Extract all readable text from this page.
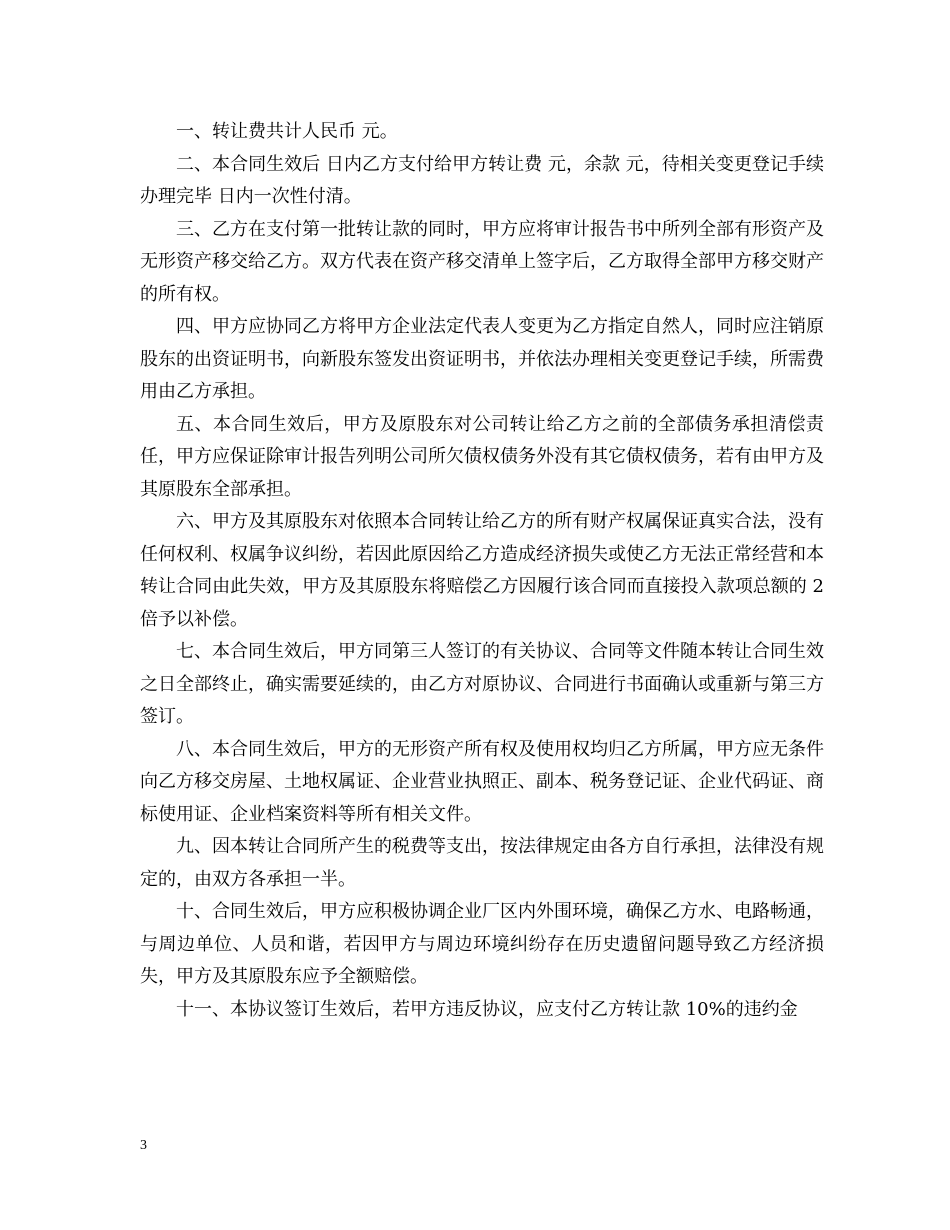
一、转让费共计人民币 元。

二、本合同生效后 日内乙方支付给甲方转让费 元，余款 元，待相关变更登记手续办理完毕 日内一次性付清。

三、乙方在支付第一批转让款的同时，甲方应将审计报告书中所列全部有形资产及无形资产移交给乙方。双方代表在资产移交清单上签字后，乙方取得全部甲方移交财产的所有权。

四、甲方应协同乙方将甲方企业法定代表人变更为乙方指定自然人，同时应注销原股东的出资证明书，向新股东签发出资证明书，并依法办理相关变更登记手续，所需费用由乙方承担。

五、本合同生效后，甲方及原股东对公司转让给乙方之前的全部债务承担清偿责任，甲方应保证除审计报告列明公司所欠债权债务外没有其它债权债务，若有由甲方及其原股东全部承担。

六、甲方及其原股东对依照本合同转让给乙方的所有财产权属保证真实合法，没有任何权利、权属争议纠纷，若因此原因给乙方造成经济损失或使乙方无法正常经营和本转让合同由此失效，甲方及其原股东将赔偿乙方因履行该合同而直接投入款项总额的 2 倍予以补偿。

七、本合同生效后，甲方同第三人签订的有关协议、合同等文件随本转让合同生效之日全部终止，确实需要延续的，由乙方对原协议、合同进行书面确认或重新与第三方签订。

八、本合同生效后，甲方的无形资产所有权及使用权均归乙方所属，甲方应无条件向乙方移交房屋、土地权属证、企业营业执照正、副本、税务登记证、企业代码证、商标使用证、企业档案资料等所有相关文件。

九、因本转让合同所产生的税费等支出，按法律规定由各方自行承担，法律没有规定的，由双方各承担一半。

十、合同生效后，甲方应积极协调企业厂区内外围环境，确保乙方水、电路畅通，与周边单位、人员和谐，若因甲方与周边环境纠纷存在历史遗留问题导致乙方经济损失，甲方及其原股东应予全额赔偿。

十一、本协议签订生效后，若甲方违反协议，应支付乙方转让款 10%的违约金

3
